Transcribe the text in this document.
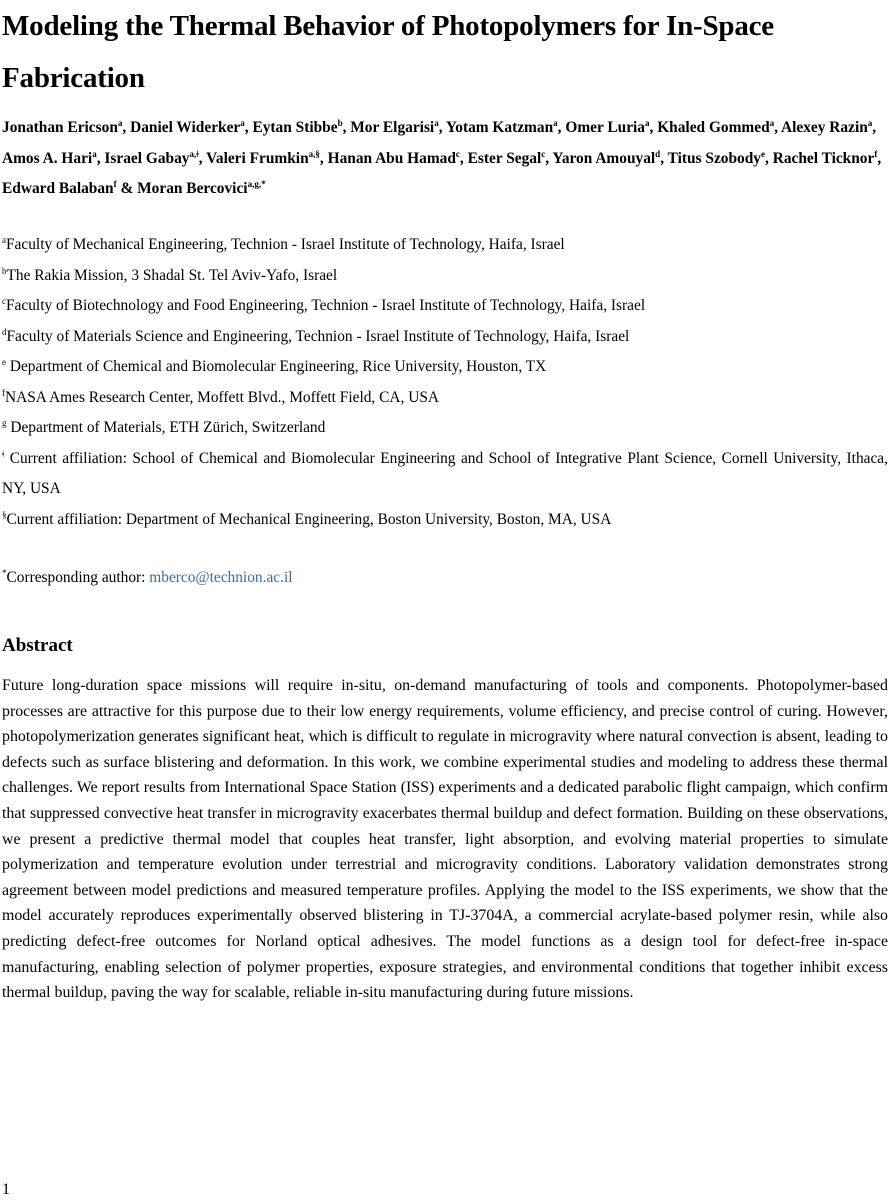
Modeling the Thermal Behavior of Photopolymers for In-Space Fabrication

Jonathan Ericson$^a$, Daniel Widerker$^a$, Eytan Stibbe$^b$, Mor Elgarisi$^a$, Yotam Katzman$^a$, Omer Luria$^a$, Khaled Gommed$^a$, Alexey Razin$^a$, Amos A. Hari$^a$, Israel Gabay$^{a,ǂ}$, Valeri Frumkin$^{a,\S}$, Hanan Abu Hamad$^c$, Ester Segal$^c$, Yaron Amouyal$^d$, Titus Szobody$^e$, Rachel Ticknor$^f$, Edward Balaban$^f$ & Moran Bercovici$^{a,g,*}$

$^a$Faculty of Mechanical Engineering, Technion - Israel Institute of Technology, Haifa, Israel

$^b$The Rakia Mission, 3 Shadal St. Tel Aviv-Yafo, Israel

$^c$Faculty of Biotechnology and Food Engineering, Technion - Israel Institute of Technology, Haifa, Israel

$^d$Faculty of Materials Science and Engineering, Technion - Israel Institute of Technology, Haifa, Israel

$^e$ Department of Chemical and Biomolecular Engineering, Rice University, Houston, TX

$^f$NASA Ames Research Center, Moffett Blvd., Moffett Field, CA, USA

$^g$ Department of Materials, ETH Zürich, Switzerland

$^ǂ$ Current affiliation: School of Chemical and Biomolecular Engineering and School of Integrative Plant Science, Cornell University, Ithaca, NY, USA

§Current affiliation: Department of Mechanical Engineering, Boston University, Boston, MA, USA

*Corresponding author: mberco@technion.ac.il

Abstract

Future long-duration space missions will require in-situ, on-demand manufacturing of tools and components. Photopolymer-based processes are attractive for this purpose due to their low energy requirements, volume efficiency, and precise control of curing. However, photopolymerization generates significant heat, which is difficult to regulate in microgravity where natural convection is absent, leading to defects such as surface blistering and deformation. In this work, we combine experimental studies and modeling to address these thermal challenges. We report results from International Space Station (ISS) experiments and a dedicated parabolic flight campaign, which confirm that suppressed convective heat transfer in microgravity exacerbates thermal buildup and defect formation. Building on these observations, we present a predictive thermal model that couples heat transfer, light absorption, and evolving material properties to simulate polymerization and temperature evolution under terrestrial and microgravity conditions. Laboratory validation demonstrates strong agreement between model predictions and measured temperature profiles. Applying the model to the ISS experiments, we show that the model accurately reproduces experimentally observed blistering in TJ-3704A, a commercial acrylate-based polymer resin, while also predicting defect-free outcomes for Norland optical adhesives. The model functions as a design tool for defect-free in-space manufacturing, enabling selection of polymer properties, exposure strategies, and environmental conditions that together inhibit excess thermal buildup, paving the way for scalable, reliable in-situ manufacturing during future missions.

1
